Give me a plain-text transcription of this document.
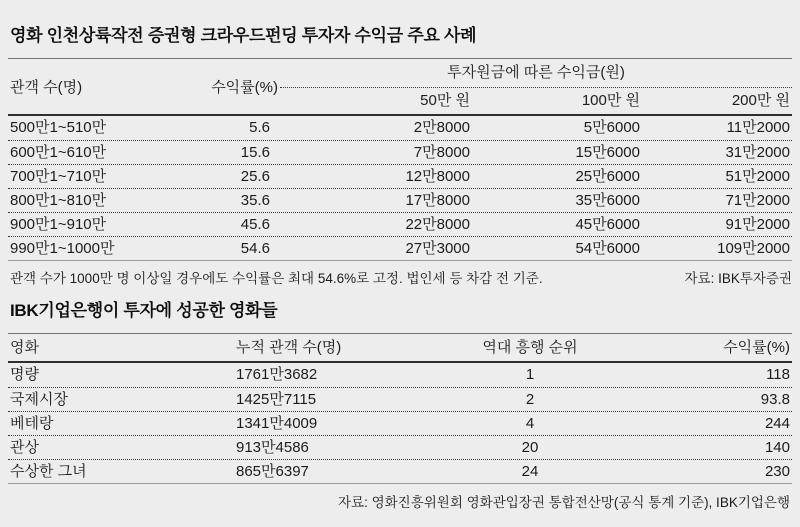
영화 인천상륙작전 증권형 크라우드펀딩 투자자 수익금 주요 사례
관객 수(명)	수익률(%)
투자원금에 따른 수익금(원)
50만 원	100만 원	200만 원
500만1~510만	5.6	2만8000	5만6000	11만2000
600만1~610만	15.6	7만8000	15만6000	31만2000
700만1~710만	25.6	12만8000	25만6000	51만2000
800만1~810만	35.6	17만8000	35만6000	71만2000
900만1~910만	45.6	22만8000	45만6000	91만2000
990만1~1000만	54.6	27만3000	54만6000	109만2000
관객 수가 1000만 명 이상일 경우에도 수익률은 최대 54.6%로 고정. 법인세 등 차감 전 기준.	자료: IBK투자증권
IBK기업은행이 투자에 성공한 영화들
영화	누적 관객 수(명)	역대 흥행 순위	수익률(%)
명량	1761만3682	1	118
국제시장	1425만7115	2	93.8
베테랑	1341만4009	4	244
관상	913만4586	20	140
수상한 그녀	865만6397	24	230
자료: 영화진흥위원회 영화관입장권 통합전산망(공식 통계 기준), IBK기업은행
